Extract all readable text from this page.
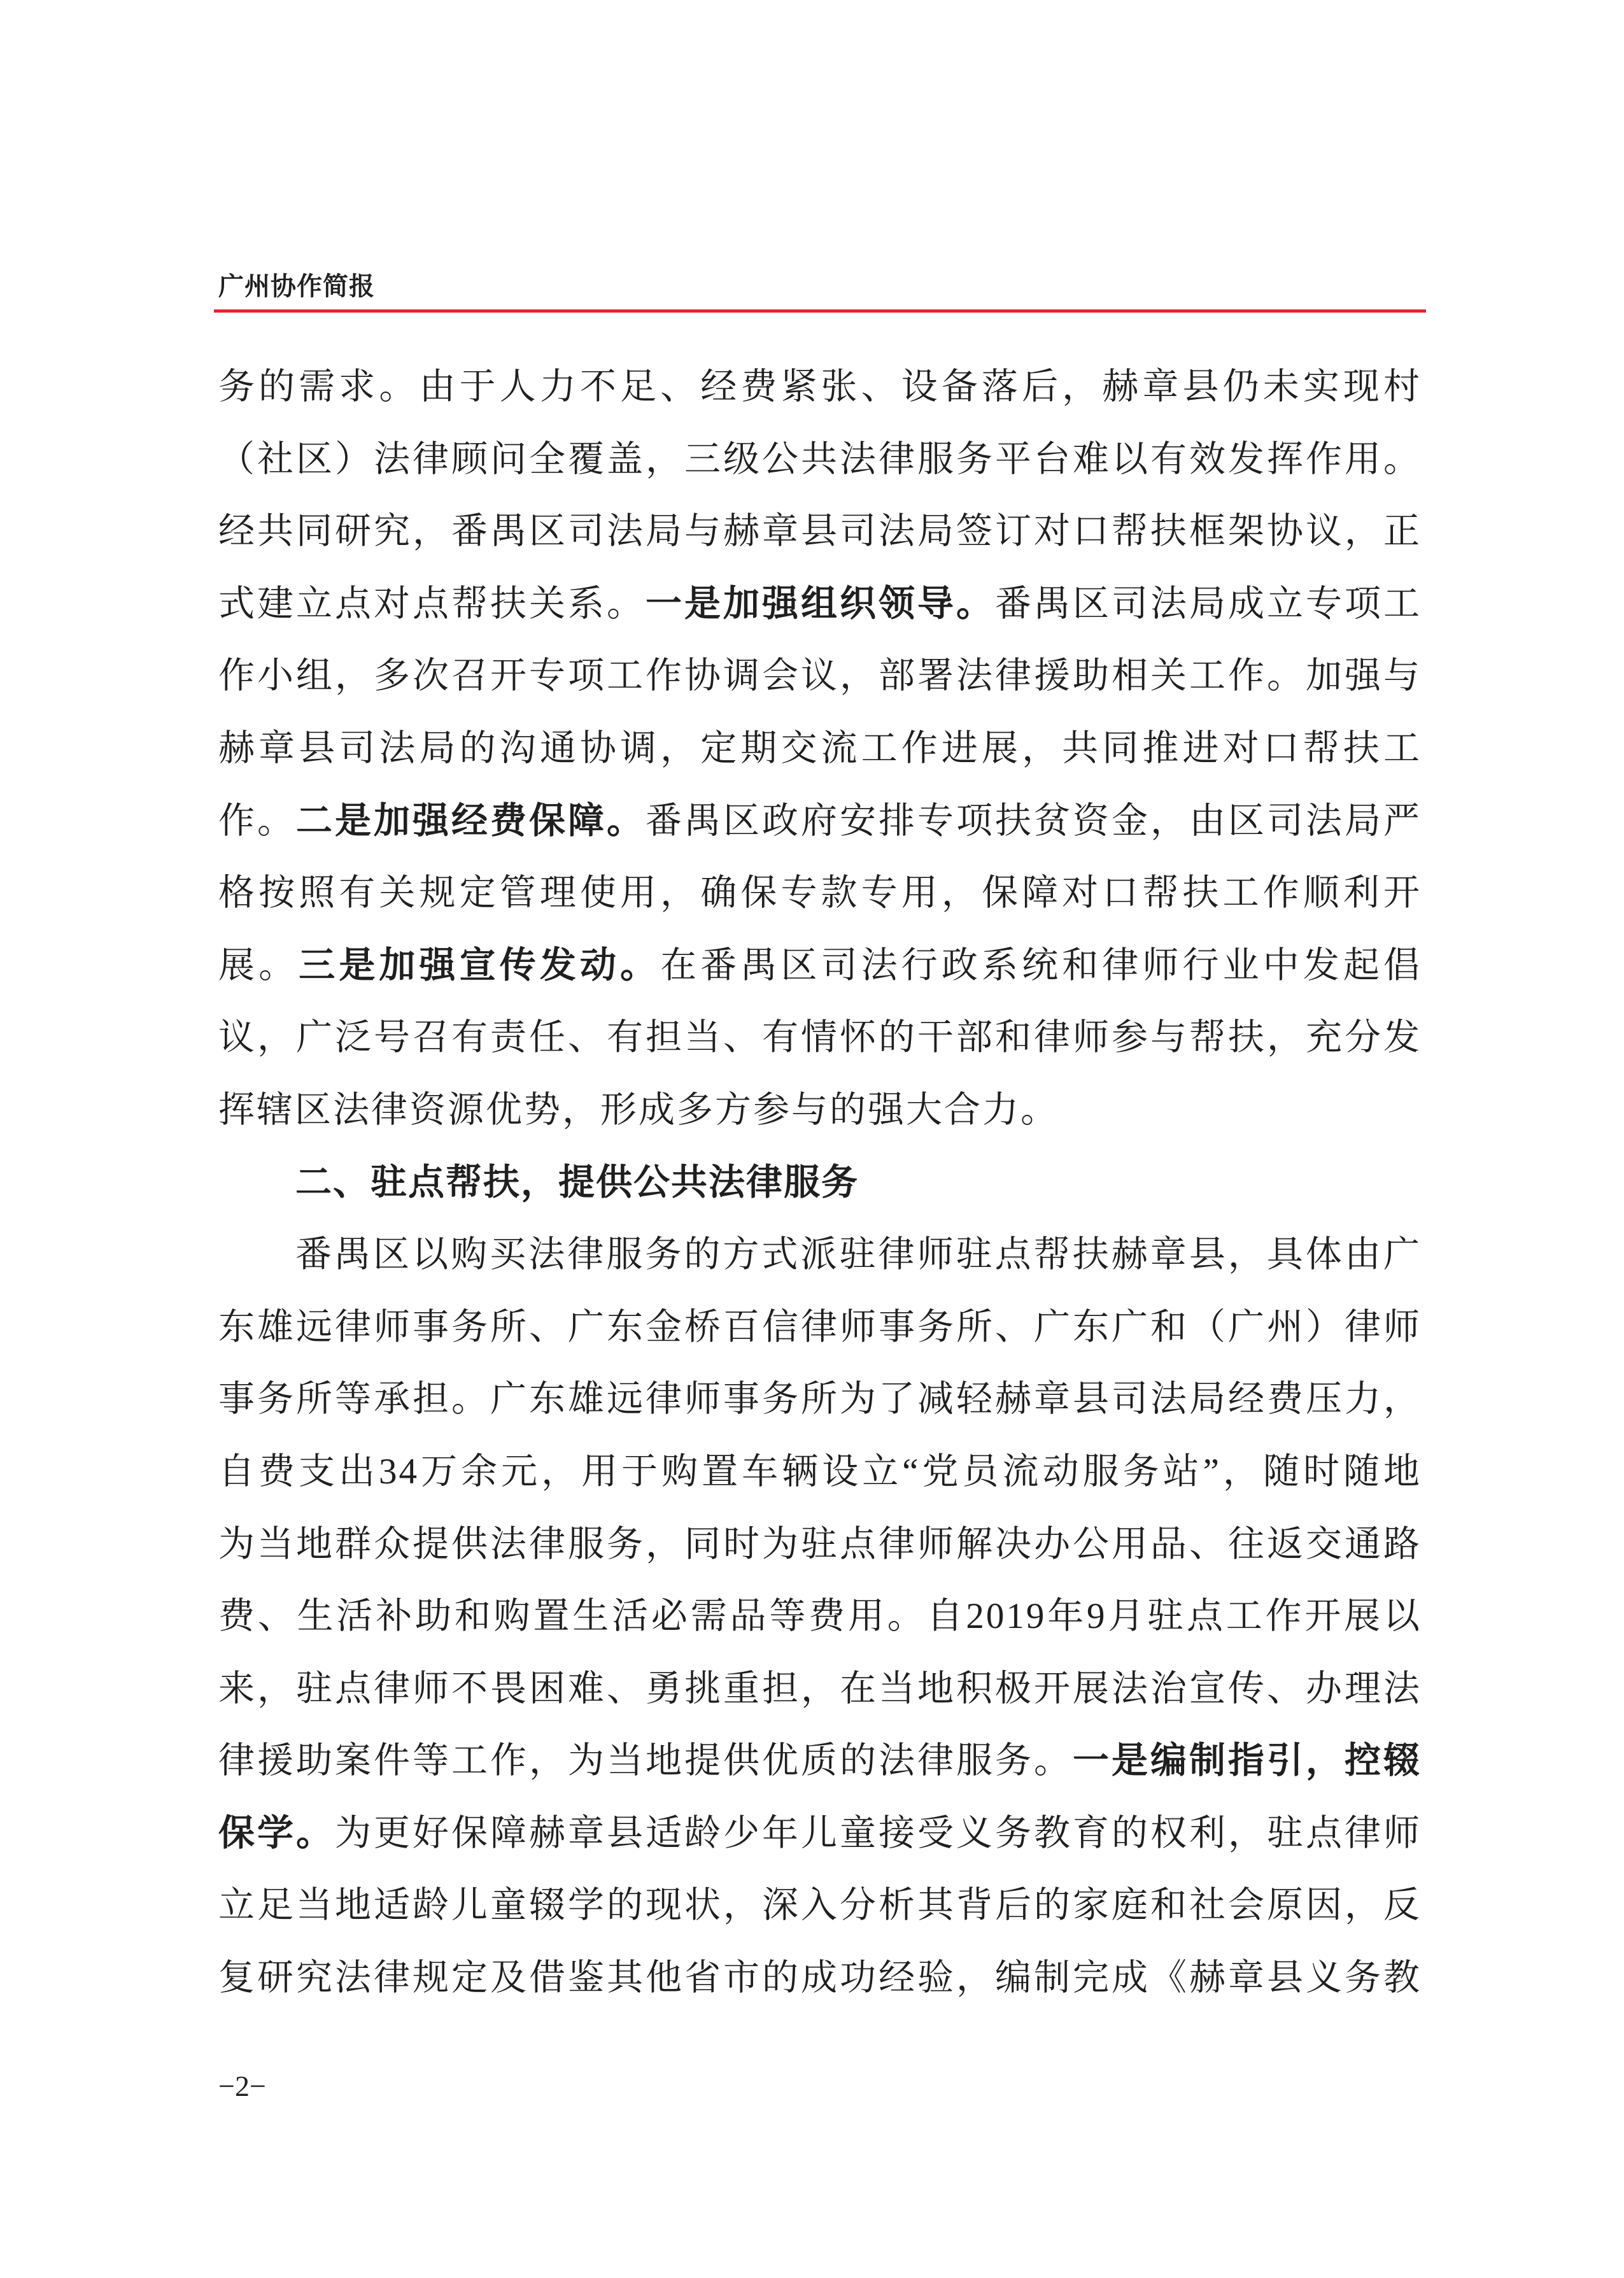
广州协作简报
务的需求。由于人力不足、经费紧张、设备落后，赫章县仍未实现村
（社区）法律顾问全覆盖，三级公共法律服务平台难以有效发挥作用。
经共同研究，番禺区司法局与赫章县司法局签订对口帮扶框架协议，正
式建立点对点帮扶关系。一是加强组织领导。番禺区司法局成立专项工
作小组，多次召开专项工作协调会议，部署法律援助相关工作。加强与
赫章县司法局的沟通协调，定期交流工作进展，共同推进对口帮扶工
作。二是加强经费保障。番禺区政府安排专项扶贫资金，由区司法局严
格按照有关规定管理使用，确保专款专用，保障对口帮扶工作顺利开
展。三是加强宣传发动。在番禺区司法行政系统和律师行业中发起倡
议，广泛号召有责任、有担当、有情怀的干部和律师参与帮扶，充分发
挥辖区法律资源优势，形成多方参与的强大合力。
二、驻点帮扶，提供公共法律服务
番禺区以购买法律服务的方式派驻律师驻点帮扶赫章县，具体由广
东雄远律师事务所、广东金桥百信律师事务所、广东广和（广州）律师
事务所等承担。广东雄远律师事务所为了减轻赫章县司法局经费压力，
自费支出34万余元，用于购置车辆设立“党员流动服务站”，随时随地
为当地群众提供法律服务，同时为驻点律师解决办公用品、往返交通路
费、生活补助和购置生活必需品等费用。自2019年9月驻点工作开展以
来，驻点律师不畏困难、勇挑重担，在当地积极开展法治宣传、办理法
律援助案件等工作，为当地提供优质的法律服务。一是编制指引，控辍
保学。为更好保障赫章县适龄少年儿童接受义务教育的权利，驻点律师
立足当地适龄儿童辍学的现状，深入分析其背后的家庭和社会原因，反
复研究法律规定及借鉴其他省市的成功经验，编制完成《赫章县义务教
−2−
